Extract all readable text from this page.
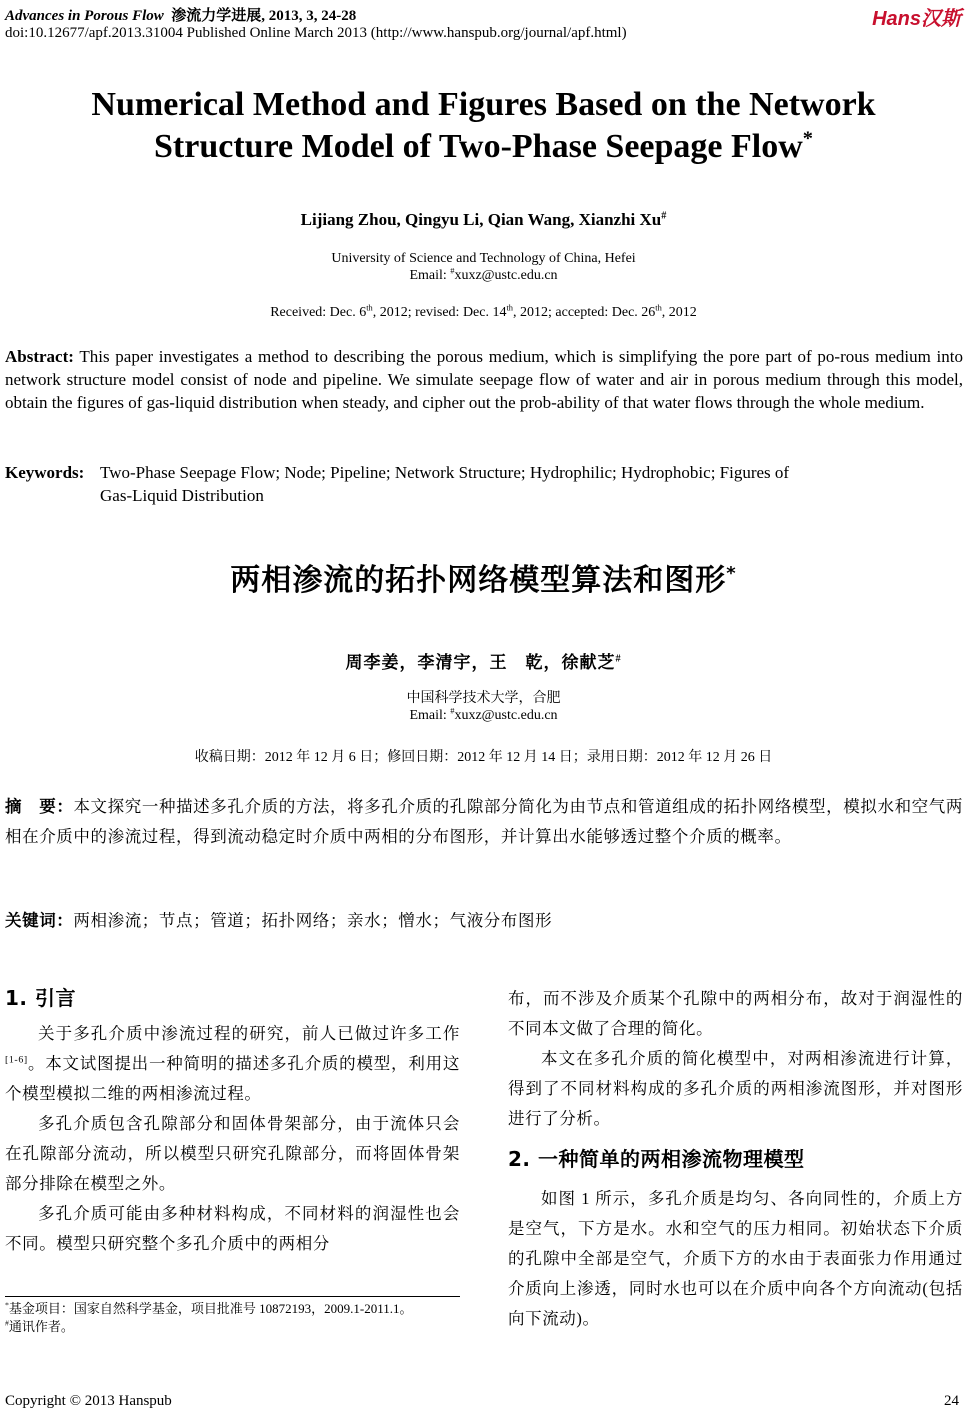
Advances in Porous Flow 渗流力学进展, 2013, 3, 24-28
doi:10.12677/apf.2013.31004 Published Online March 2013 (http://www.hanspub.org/journal/apf.html)
Hans汉斯
Numerical Method and Figures Based on the Network
Structure Model of Two-Phase Seepage Flow*
Lijiang Zhou, Qingyu Li, Qian Wang, Xianzhi Xu#
University of Science and Technology of China, Hefei
Email: #xuxz@ustc.edu.cn
Received: Dec. 6th, 2012; revised: Dec. 14th, 2012; accepted: Dec. 26th, 2012
Abstract: This paper investigates a method to describing the porous medium, which is simplifying the pore part of po-rous medium into network structure model consist of node and pipeline. We simulate seepage flow of water and air in porous medium through this model, obtain the figures of gas-liquid distribution when steady, and cipher out the prob-ability of that water flows through the whole medium.
Keywords: Two-Phase Seepage Flow; Node; Pipeline; Network Structure; Hydrophilic; Hydrophobic; Figures of
Gas-Liquid Distribution
两相渗流的拓扑网络模型算法和图形*
周李姜，李清宇，王　乾，徐献芝#
中国科学技术大学，合肥
Email: #xuxz@ustc.edu.cn
收稿日期：2012 年 12 月 6 日；修回日期：2012 年 12 月 14 日；录用日期：2012 年 12 月 26 日
摘　要：本文探究一种描述多孔介质的方法，将多孔介质的孔隙部分简化为由节点和管道组成的拓扑网络模型，模拟水和空气两相在介质中的渗流过程，得到流动稳定时介质中两相的分布图形，并计算出水能够透过整个介质的概率。
关键词：两相渗流；节点；管道；拓扑网络；亲水；憎水；气液分布图形
1. 引言

关于多孔介质中渗流过程的研究，前人已做过许多工作[1-6]。本文试图提出一种简明的描述多孔介质的模型，利用这个模型模拟二维的两相渗流过程。

多孔介质包含孔隙部分和固体骨架部分，由于流体只会在孔隙部分流动，所以模型只研究孔隙部分，而将固体骨架部分排除在模型之外。

多孔介质可能由多种材料构成，不同材料的润湿性也会不同。模型只研究整个多孔介质中的两相分

*基金项目：国家自然科学基金，项目批准号 10872193，2009.1-2011.1。
#通讯作者。
布，而不涉及介质某个孔隙中的两相分布，故对于润湿性的不同本文做了合理的简化。

本文在多孔介质的简化模型中，对两相渗流进行计算，得到了不同材料构成的多孔介质的两相渗流图形，并对图形进行了分析。

2. 一种简单的两相渗流物理模型

如图 1 所示，多孔介质是均匀、各向同性的，介质上方是空气，下方是水。水和空气的压力相同。初始状态下介质的孔隙中全部是空气，介质下方的水由于表面张力作用通过介质向上渗透，同时水也可以在介质中向各个方向流动(包括向下流动)。

Copyright © 2013 Hanspub	24
